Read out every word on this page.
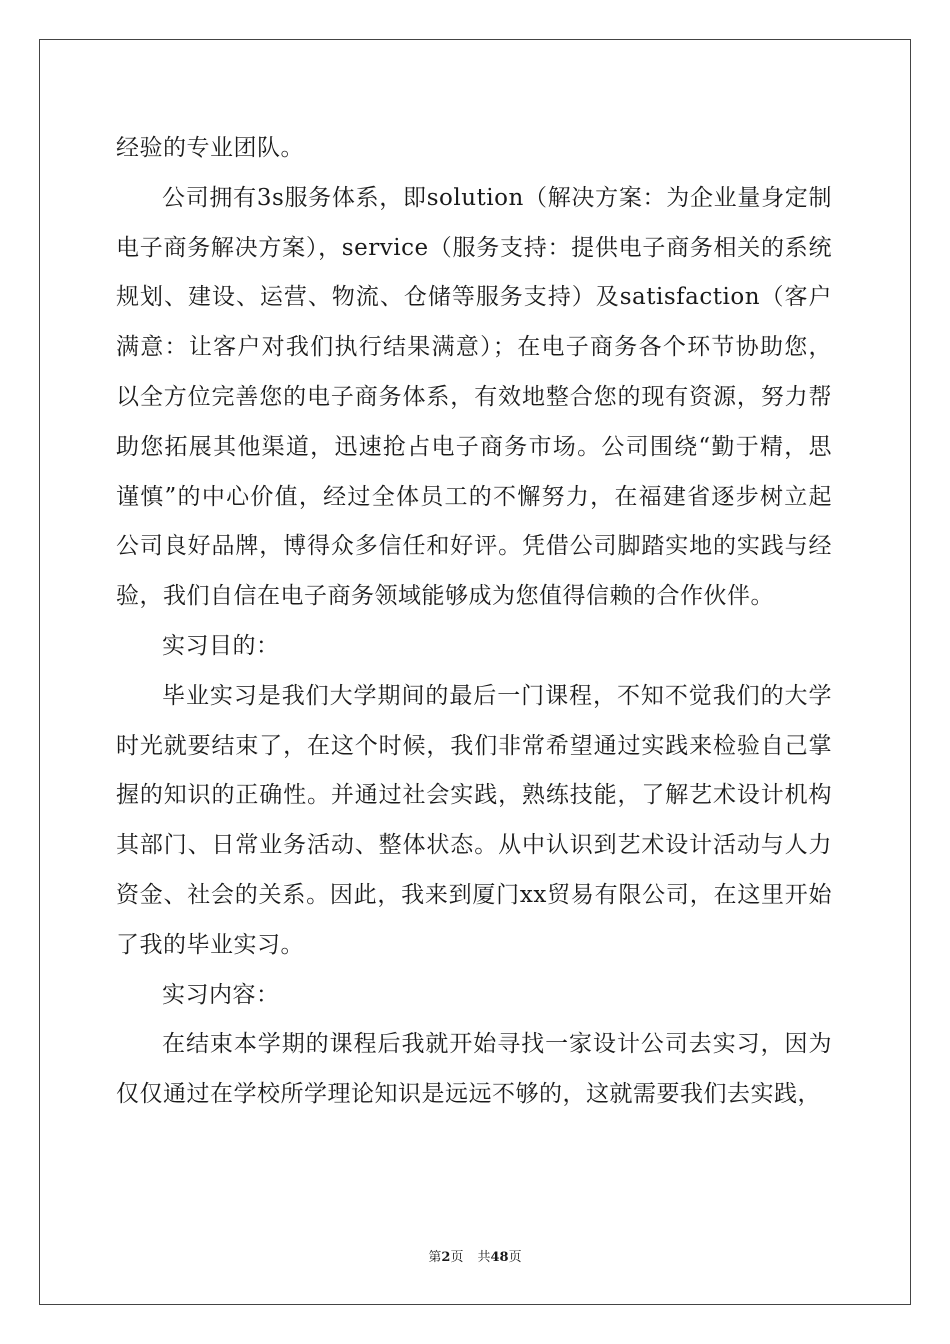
经验的专业团队。

公司拥有3s服务体系，即solution（解决方案：为企业量身定制电子商务解决方案），service（服务支持：提供电子商务相关的系统规划、建设、运营、物流、仓储等服务支持）及satisfaction（客户满意：让客户对我们执行结果满意）；在电子商务各个环节协助您，以全方位完善您的电子商务体系，有效地整合您的现有资源，努力帮助您拓展其他渠道，迅速抢占电子商务市场。公司围绕“勤于精，思谨慎”的中心价值，经过全体员工的不懈努力，在福建省逐步树立起公司良好品牌，博得众多信任和好评。凭借公司脚踏实地的实践与经验，我们自信在电子商务领域能够成为您值得信赖的合作伙伴。

实习目的：

毕业实习是我们大学期间的最后一门课程，不知不觉我们的大学时光就要结束了，在这个时候，我们非常希望通过实践来检验自己掌握的知识的正确性。并通过社会实践，熟练技能，了解艺术设计机构其部门、日常业务活动、整体状态。从中认识到艺术设计活动与人力资金、社会的关系。因此，我来到厦门xx贸易有限公司，在这里开始了我的毕业实习。

实习内容：

在结束本学期的课程后我就开始寻找一家设计公司去实习，因为仅仅通过在学校所学理论知识是远远不够的，这就需要我们去实践，

第2页 共48页
